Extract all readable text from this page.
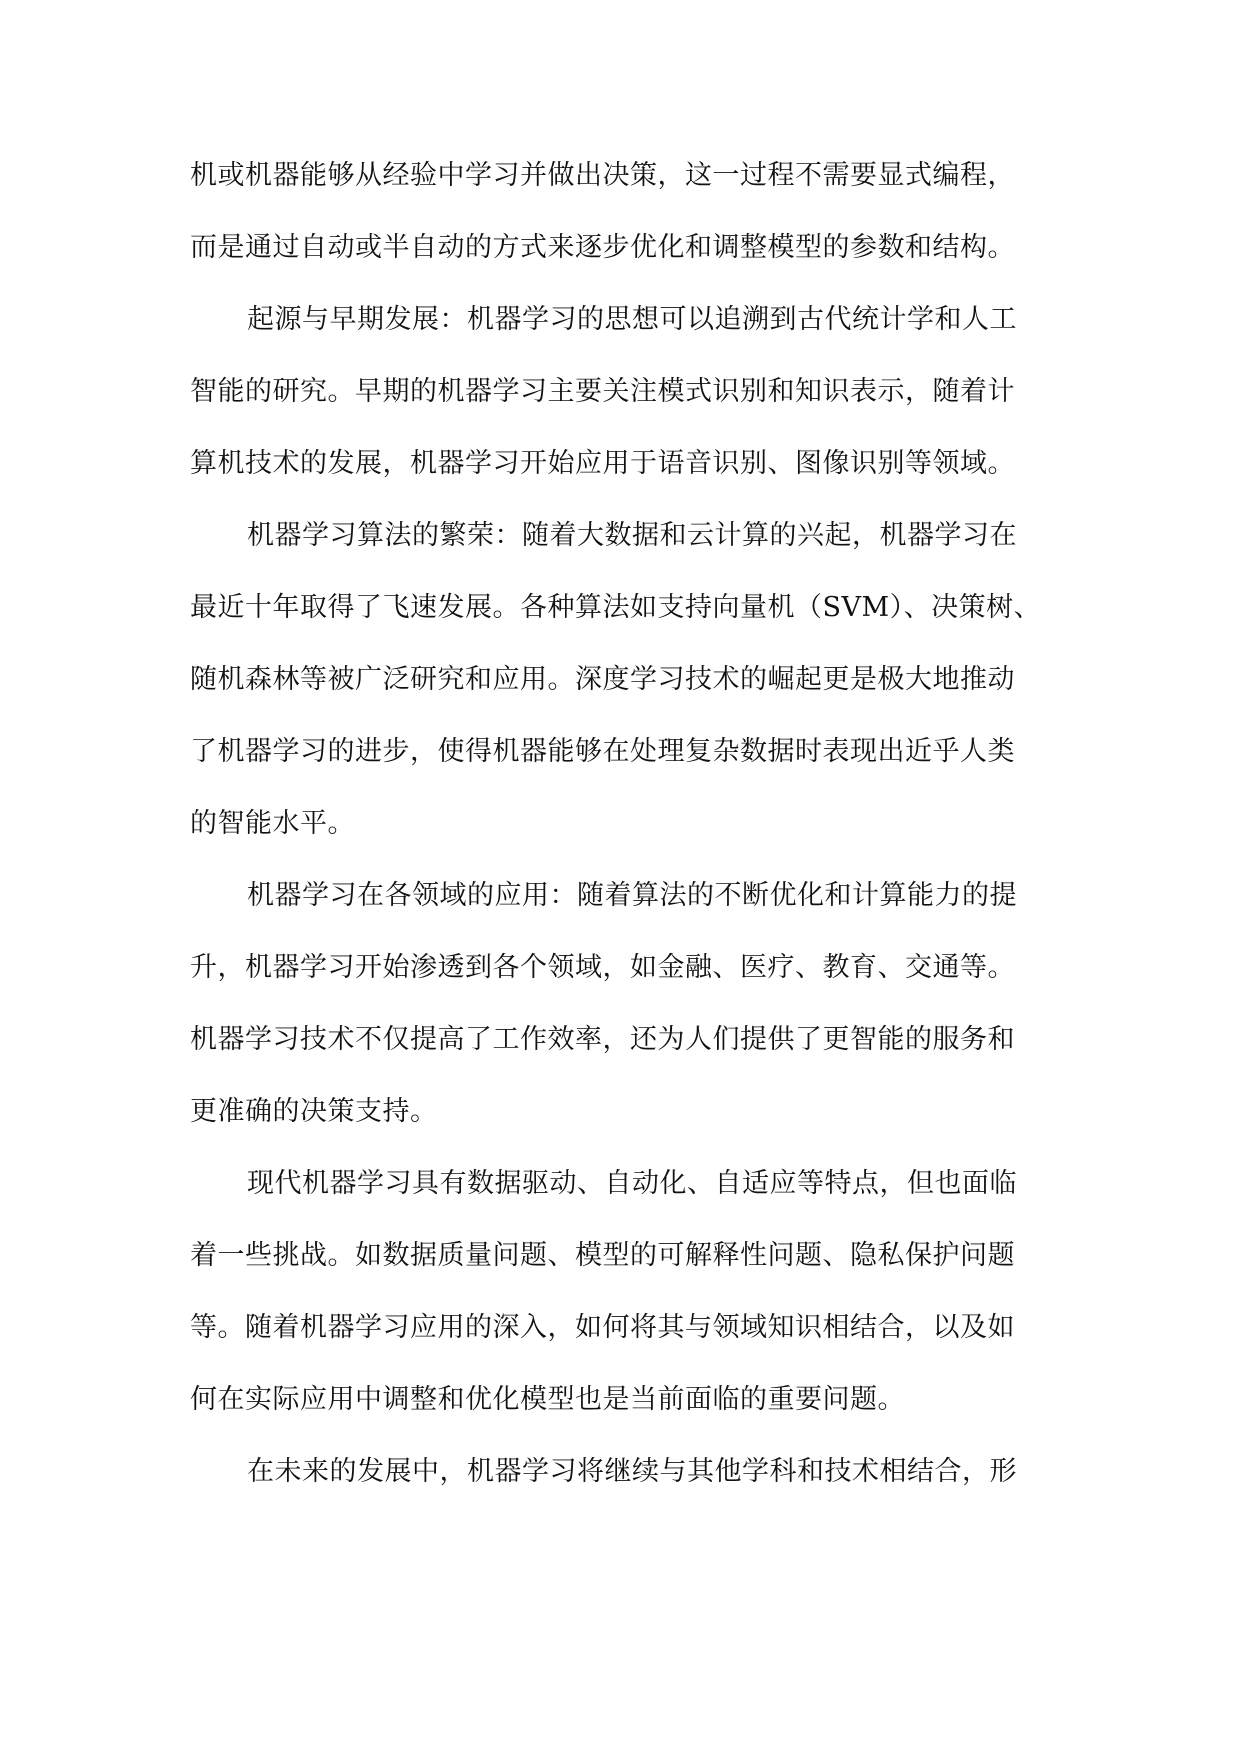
机或机器能够从经验中学习并做出决策，这一过程不需要显式编程，
而是通过自动或半自动的方式来逐步优化和调整模型的参数和结构。
起源与早期发展：机器学习的思想可以追溯到古代统计学和人工
智能的研究。早期的机器学习主要关注模式识别和知识表示，随着计
算机技术的发展，机器学习开始应用于语音识别、图像识别等领域。
机器学习算法的繁荣：随着大数据和云计算的兴起，机器学习在
最近十年取得了飞速发展。各种算法如支持向量机（SVM）、决策树、
随机森林等被广泛研究和应用。深度学习技术的崛起更是极大地推动
了机器学习的进步，使得机器能够在处理复杂数据时表现出近乎人类
的智能水平。
机器学习在各领域的应用：随着算法的不断优化和计算能力的提
升，机器学习开始渗透到各个领域，如金融、医疗、教育、交通等。
机器学习技术不仅提高了工作效率，还为人们提供了更智能的服务和
更准确的决策支持。
现代机器学习具有数据驱动、自动化、自适应等特点，但也面临
着一些挑战。如数据质量问题、模型的可解释性问题、隐私保护问题
等。随着机器学习应用的深入，如何将其与领域知识相结合，以及如
何在实际应用中调整和优化模型也是当前面临的重要问题。
在未来的发展中，机器学习将继续与其他学科和技术相结合，形
